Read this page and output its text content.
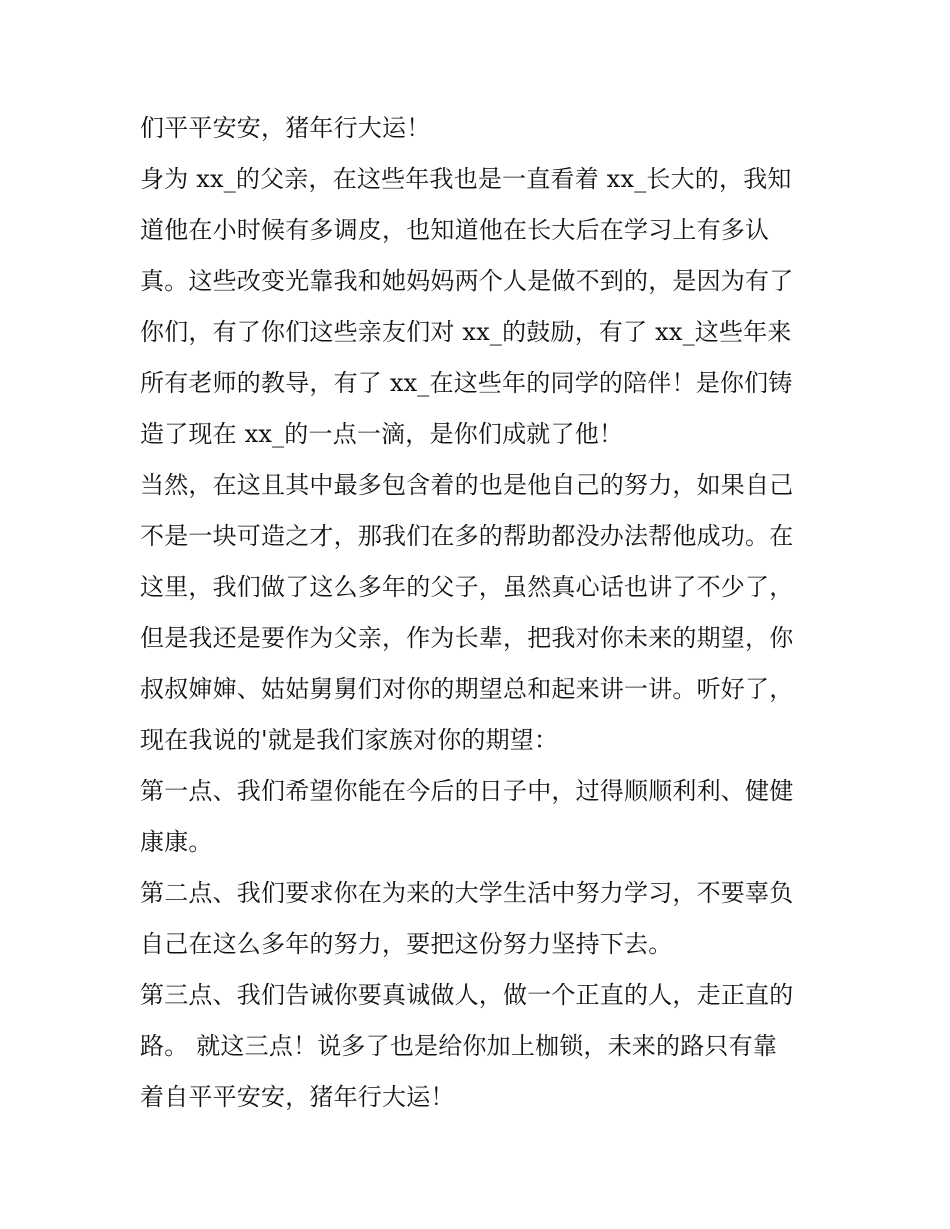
们平平安安，猪年行大运！
身为 xx_的父亲，在这些年我也是一直看着 xx_长大的，我知
道他在小时候有多调皮，也知道他在长大后在学习上有多认
真。这些改变光靠我和她妈妈两个人是做不到的，是因为有了
你们，有了你们这些亲友们对 xx_的鼓励，有了 xx_这些年来
所有老师的教导，有了 xx_在这些年的同学的陪伴！是你们铸
造了现在 xx_的一点一滴，是你们成就了他！
当然，在这且其中最多包含着的也是他自己的努力，如果自己
不是一块可造之才，那我们在多的帮助都没办法帮他成功。在
这里，我们做了这么多年的父子，虽然真心话也讲了不少了，
但是我还是要作为父亲，作为长辈，把我对你未来的期望，你
叔叔婶婶、姑姑舅舅们对你的期望总和起来讲一讲。听好了，
现在我说的'就是我们家族对你的期望：
第一点、我们希望你能在今后的日子中，过得顺顺利利、健健
康康。
第二点、我们要求你在为来的大学生活中努力学习，不要辜负
自己在这么多年的努力，要把这份努力坚持下去。
第三点、我们告诫你要真诚做人，做一个正直的人，走正直的
路。 就这三点！说多了也是给你加上枷锁，未来的路只有靠
着自平平安安，猪年行大运！
